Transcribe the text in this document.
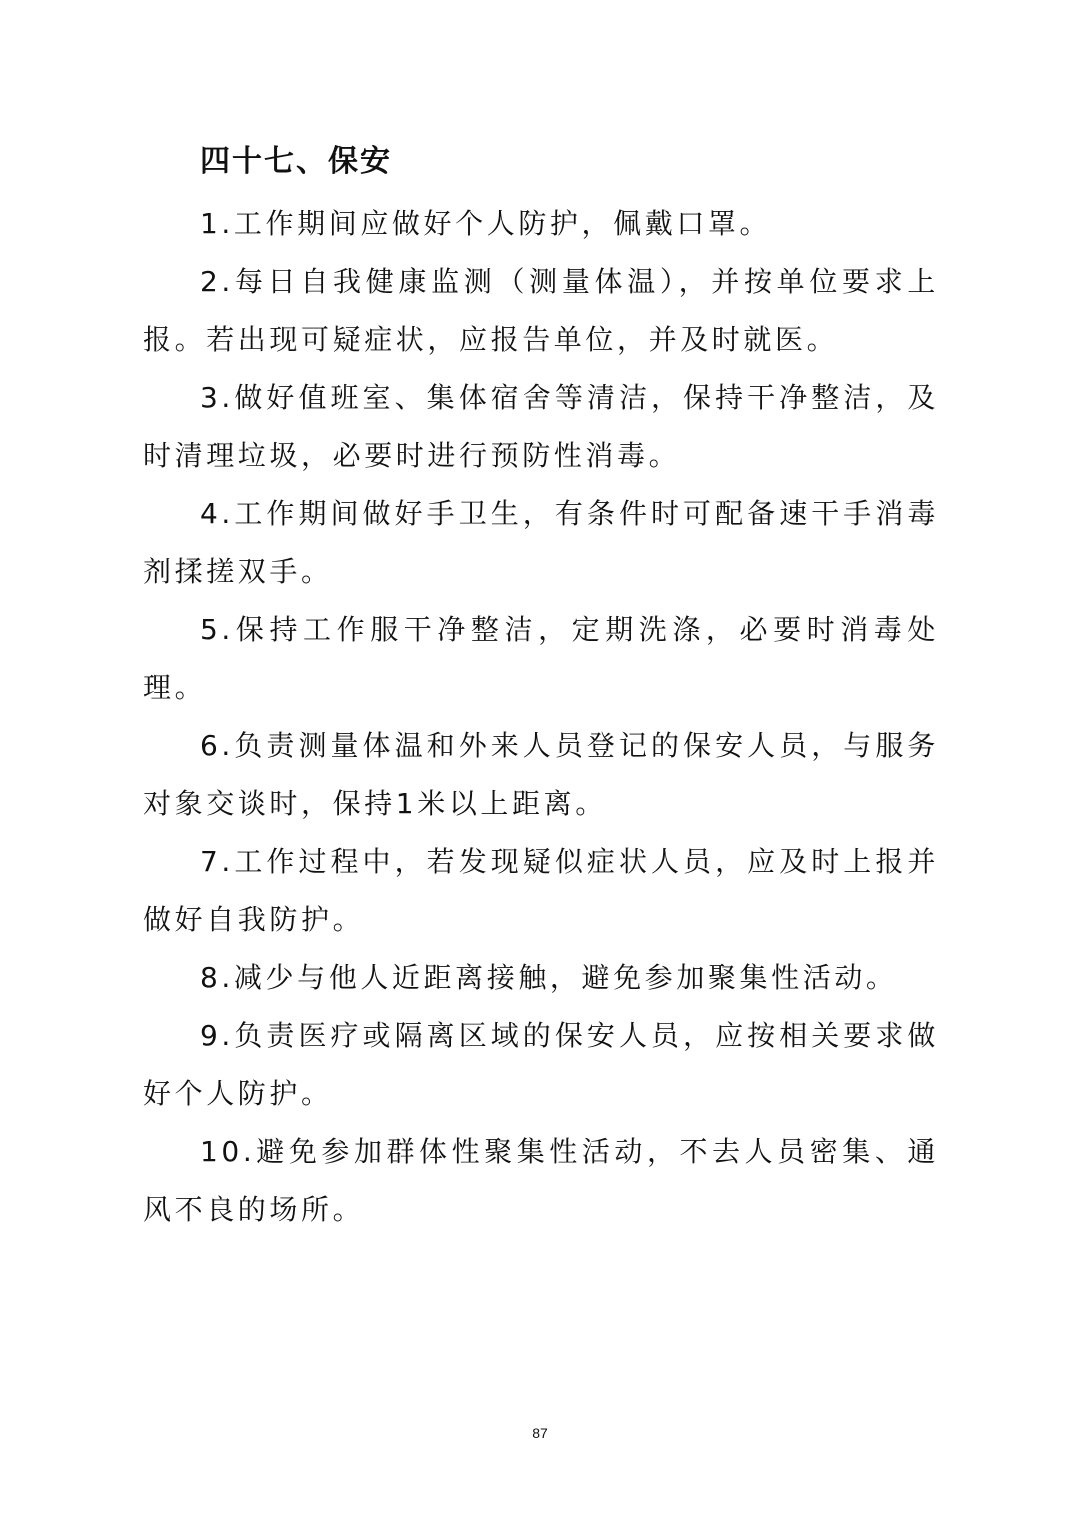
四十七、保安

1.工作期间应做好个人防护，佩戴口罩。

2.每日自我健康监测（测量体温），并按单位要求上报。若出现可疑症状，应报告单位，并及时就医。

3.做好值班室、集体宿舍等清洁，保持干净整洁，及时清理垃圾，必要时进行预防性消毒。

4.工作期间做好手卫生，有条件时可配备速干手消毒剂揉搓双手。

5.保持工作服干净整洁，定期洗涤，必要时消毒处理。

6.负责测量体温和外来人员登记的保安人员，与服务对象交谈时，保持1米以上距离。

7.工作过程中，若发现疑似症状人员，应及时上报并做好自我防护。

8.减少与他人近距离接触，避免参加聚集性活动。

9.负责医疗或隔离区域的保安人员，应按相关要求做好个人防护。

10.避免参加群体性聚集性活动，不去人员密集、通风不良的场所。

87
